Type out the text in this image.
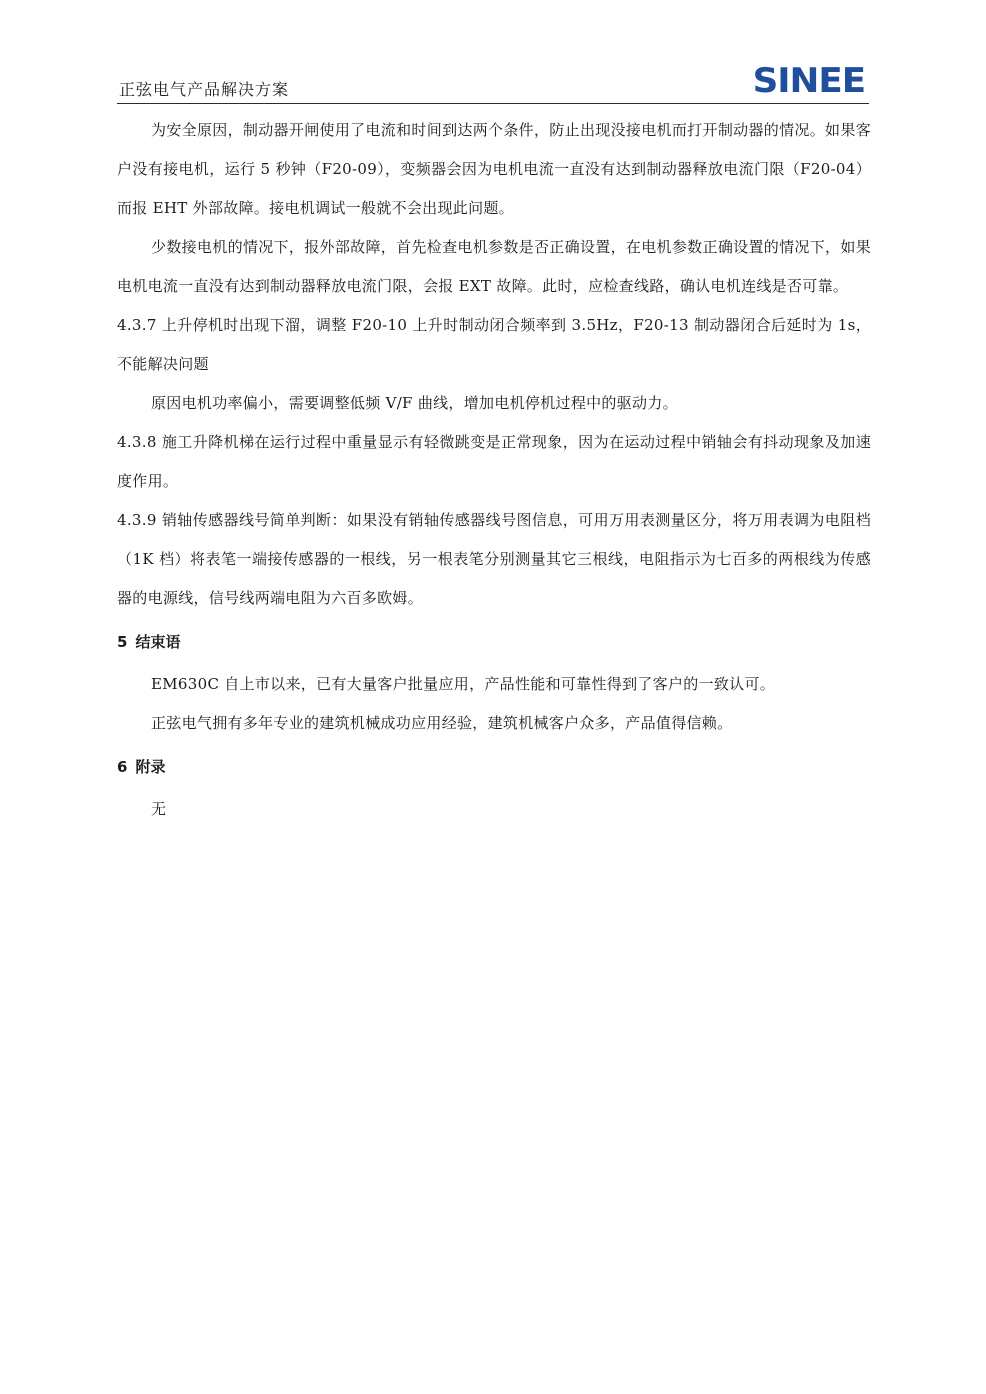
正弦电气产品解决方案	SINEE

为安全原因，制动器开闸使用了电流和时间到达两个条件，防止出现没接电机而打开制动器的情况。如果客户没有接电机，运行 5 秒钟（F20-09），变频器会因为电机电流一直没有达到制动器释放电流门限（F20-04）而报 EHT 外部故障。接电机调试一般就不会出现此问题。

少数接电机的情况下，报外部故障，首先检查电机参数是否正确设置，在电机参数正确设置的情况下，如果电机电流一直没有达到制动器释放电流门限，会报 EXT 故障。此时，应检查线路，确认电机连线是否可靠。

4.3.7 上升停机时出现下溜，调整 F20-10 上升时制动闭合频率到 3.5Hz，F20-13 制动器闭合后延时为 1s，不能解决问题

原因电机功率偏小，需要调整低频 V/F 曲线，增加电机停机过程中的驱动力。

4.3.8 施工升降机梯在运行过程中重量显示有轻微跳变是正常现象，因为在运动过程中销轴会有抖动现象及加速度作用。

4.3.9 销轴传感器线号简单判断：如果没有销轴传感器线号图信息，可用万用表测量区分，将万用表调为电阻档（1K 档）将表笔一端接传感器的一根线，另一根表笔分别测量其它三根线，电阻指示为七百多的两根线为传感器的电源线，信号线两端电阻为六百多欧姆。

5 结束语

EM630C 自上市以来，已有大量客户批量应用，产品性能和可靠性得到了客户的一致认可。

正弦电气拥有多年专业的建筑机械成功应用经验，建筑机械客户众多，产品值得信赖。

6 附录

无
